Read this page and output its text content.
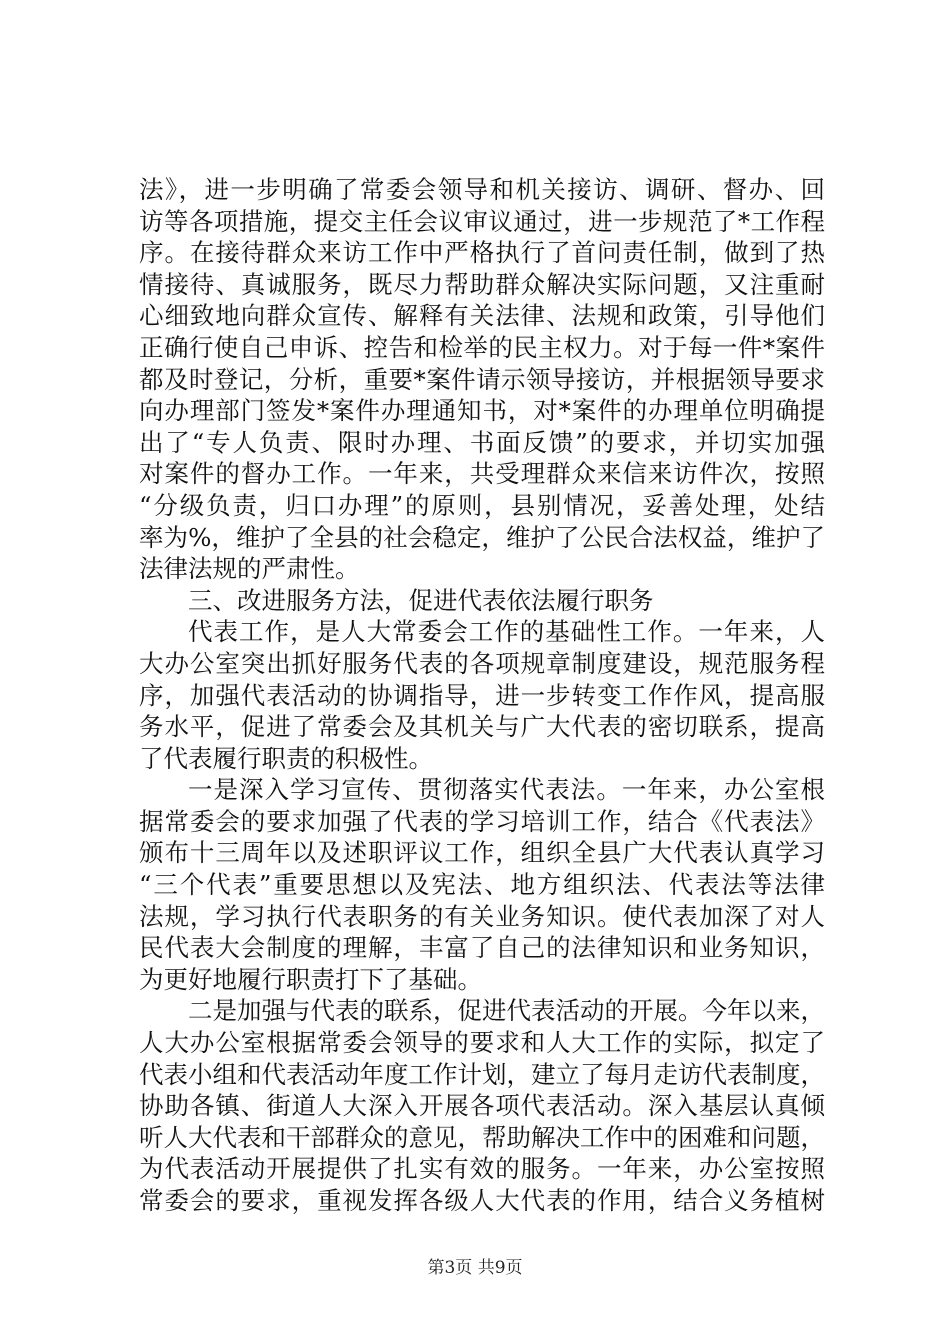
法》，进一步明确了常委会领导和机关接访、调研、督办、回
访等各项措施，提交主任会议审议通过，进一步规范了*工作程
序。在接待群众来访工作中严格执行了首问责任制，做到了热
情接待、真诚服务，既尽力帮助群众解决实际问题，又注重耐
心细致地向群众宣传、解释有关法律、法规和政策，引导他们
正确行使自己申诉、控告和检举的民主权力。对于每一件*案件
都及时登记，分析，重要*案件请示领导接访，并根据领导要求
向办理部门签发*案件办理通知书，对*案件的办理单位明确提
出了“专人负责、限时办理、书面反馈”的要求，并切实加强
对案件的督办工作。一年来，共受理群众来信来访件次，按照
“分级负责，归口办理”的原则，县别情况，妥善处理，处结
率为%，维护了全县的社会稳定，维护了公民合法权益，维护了
法律法规的严肃性。
三、改进服务方法，促进代表依法履行职务
代表工作，是人大常委会工作的基础性工作。一年来，人
大办公室突出抓好服务代表的各项规章制度建设，规范服务程
序，加强代表活动的协调指导，进一步转变工作作风，提高服
务水平，促进了常委会及其机关与广大代表的密切联系，提高
了代表履行职责的积极性。
一是深入学习宣传、贯彻落实代表法。一年来，办公室根
据常委会的要求加强了代表的学习培训工作，结合《代表法》
颁布十三周年以及述职评议工作，组织全县广大代表认真学习
“三个代表”重要思想以及宪法、地方组织法、代表法等法律
法规，学习执行代表职务的有关业务知识。使代表加深了对人
民代表大会制度的理解，丰富了自己的法律知识和业务知识，
为更好地履行职责打下了基础。
二是加强与代表的联系，促进代表活动的开展。今年以来，
人大办公室根据常委会领导的要求和人大工作的实际，拟定了
代表小组和代表活动年度工作计划，建立了每月走访代表制度，
协助各镇、街道人大深入开展各项代表活动。深入基层认真倾
听人大代表和干部群众的意见，帮助解决工作中的困难和问题，
为代表活动开展提供了扎实有效的服务。一年来，办公室按照
常委会的要求，重视发挥各级人大代表的作用，结合义务植树
第3页 共9页
